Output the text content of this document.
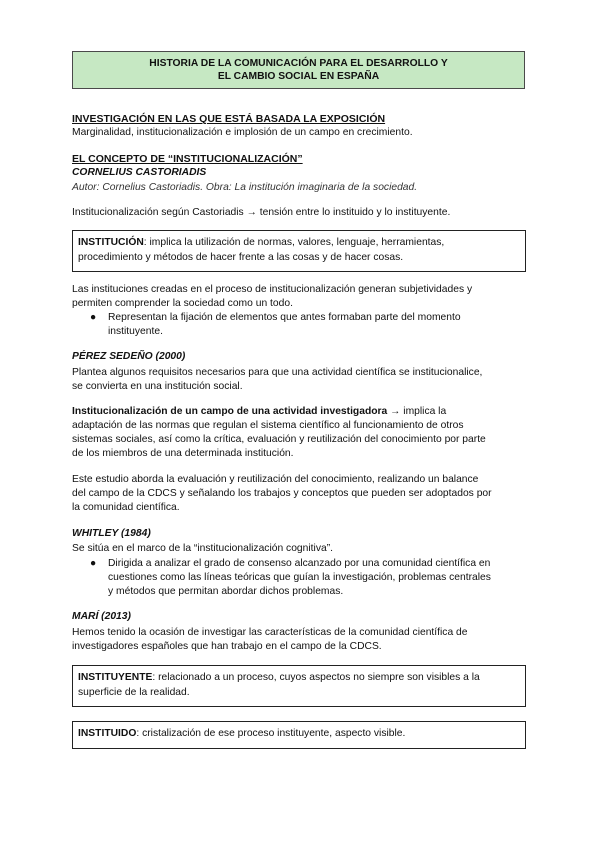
HISTORIA DE LA COMUNICACIÓN PARA EL DESARROLLO Y
EL CAMBIO SOCIAL EN ESPAÑA
INVESTIGACIÓN EN LAS QUE ESTÁ BASADA LA EXPOSICIÓN
Marginalidad, institucionalización e implosión de un campo en crecimiento.
EL CONCEPTO DE “INSTITUCIONALIZACIÓN”
CORNELIUS CASTORIADIS
Autor: Cornelius Castoriadis. Obra: La institución imaginaria de la sociedad.
Institucionalización según Castoriadis → tensión entre lo instituido y lo instituyente.
INSTITUCIÓN: implica la utilización de normas, valores, lenguaje, herramientas,
procedimiento y métodos de hacer frente a las cosas y de hacer cosas.
Las instituciones creadas en el proceso de institucionalización generan subjetividades y
permiten comprender la sociedad como un todo.
● Representan la fijación de elementos que antes formaban parte del momento
instituyente.
PÉREZ SEDEÑO (2000)
Plantea algunos requisitos necesarios para que una actividad científica se institucionalice,
se convierta en una institución social.
Institucionalización de un campo de una actividad investigadora → implica la
adaptación de las normas que regulan el sistema científico al funcionamiento de otros
sistemas sociales, así como la crítica, evaluación y reutilización del conocimiento por parte
de los miembros de una determinada institución.
Este estudio aborda la evaluación y reutilización del conocimiento, realizando un balance
del campo de la CDCS y señalando los trabajos y conceptos que pueden ser adoptados por
la comunidad científica.
WHITLEY (1984)
Se sitúa en el marco de la “institucionalización cognitiva”.
● Dirigida a analizar el grado de consenso alcanzado por una comunidad científica en
cuestiones como las líneas teóricas que guían la investigación, problemas centrales
y métodos que permitan abordar dichos problemas.
MARÍ (2013)
Hemos tenido la ocasión de investigar las características de la comunidad científica de
investigadores españoles que han trabajo en el campo de la CDCS.
INSTITUYENTE: relacionado a un proceso, cuyos aspectos no siempre son visibles a la
superficie de la realidad.
INSTITUIDO: cristalización de ese proceso instituyente, aspecto visible.
